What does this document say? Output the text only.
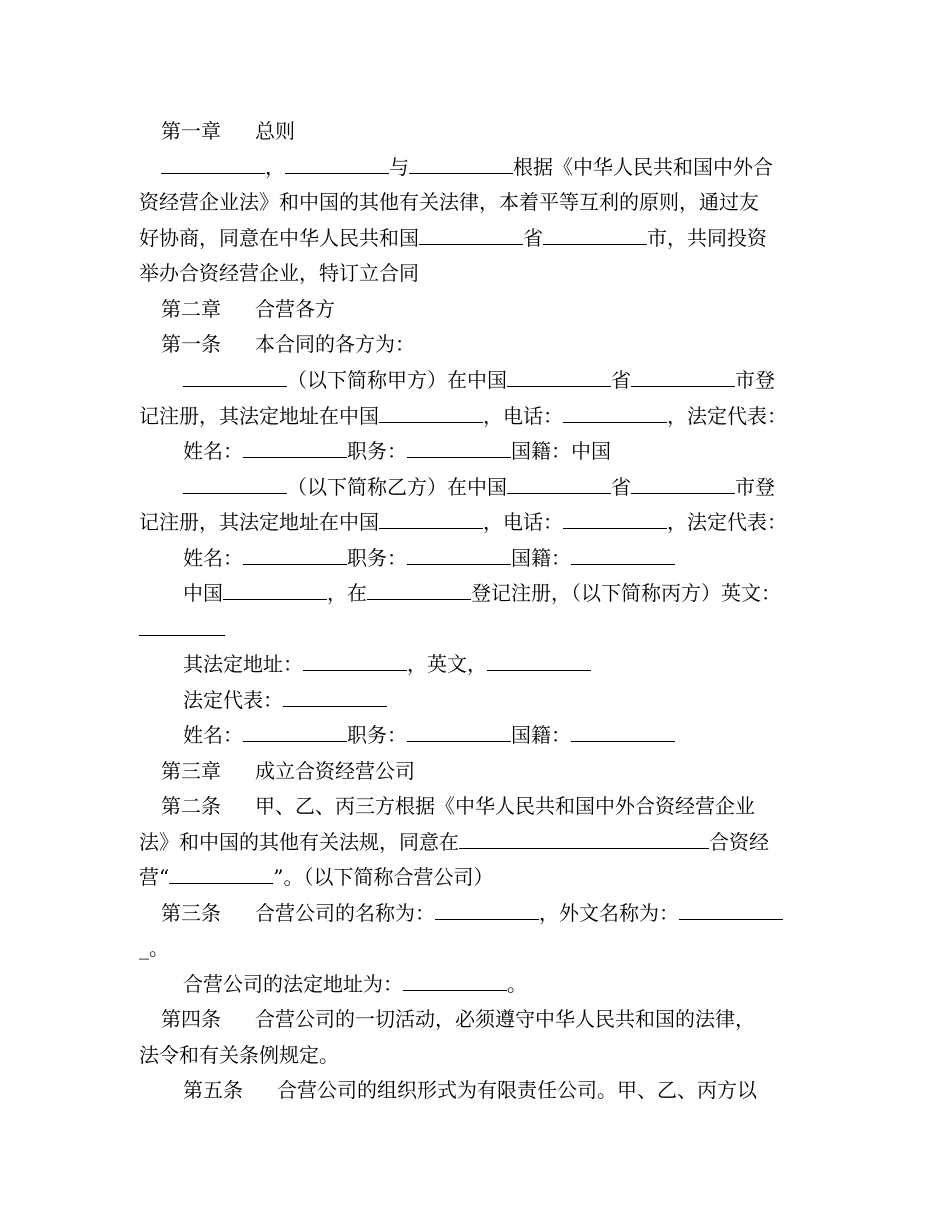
第一章 总则
，	与	根据《中华人民共和国中外合
资经营企业法》和中国的其他有关法律，本着平等互利的原则，通过友
好协商，同意在中华人民共和国	省	市，共同投资
举办合资经营企业，特订立合同
第二章 合营各方
第一条 本合同的各方为：
（以下简称甲方）在中国	省	市登
记注册，其法定地址在中国	，电话：	，法定代表：
姓名：	职务：	国籍：中国
（以下简称乙方）在中国	省	市登
记注册，其法定地址在中国	，电话：	，法定代表：
姓名：	职务：	国籍：
中国	，在	登记注册，（以下简称丙方）英文：
其法定地址：	，英文，
法定代表：
姓名：	职务：	国籍：
第三章 成立合资经营公司
第二条 甲、乙、丙三方根据《中华人民共和国中外合资经营企业
法》和中国的其他有关法规，同意在	合资经
营“	”。（以下简称合营公司）
第三条 合营公司的名称为：	，外文名称为：
_。
合营公司的法定地址为：	。
第四条 合营公司的一切活动，必须遵守中华人民共和国的法律，
法令和有关条例规定。
第五条 合营公司的组织形式为有限责任公司。甲、乙、丙方以
